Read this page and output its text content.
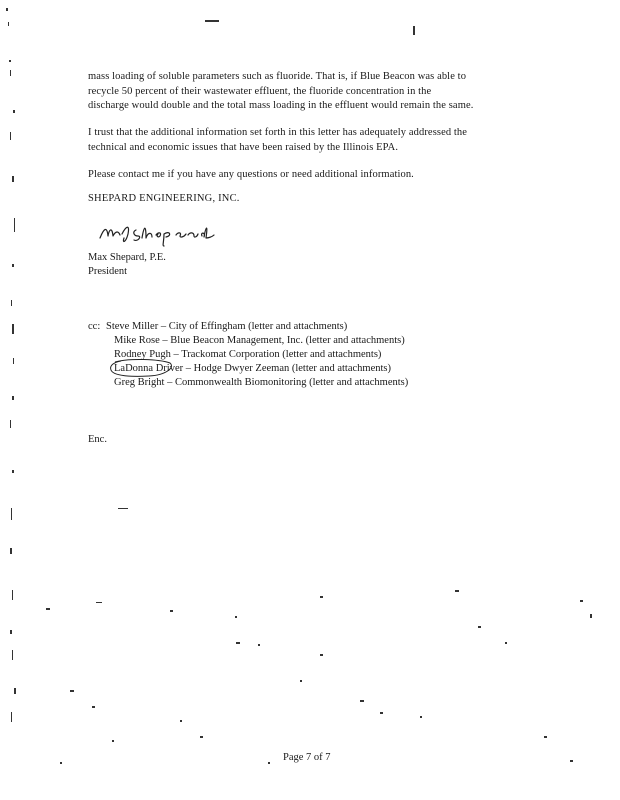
mass loading of soluble parameters such as fluoride. That is, if Blue Beacon was able to
recycle 50 percent of their wastewater effluent, the fluoride concentration in the
discharge would double and the total mass loading in the effluent would remain the same.
I trust that the additional information set forth in this letter has adequately addressed the
technical and economic issues that have been raised by the Illinois EPA.
Please contact me if you have any questions or need additional information.
SHEPARD ENGINEERING, INC.
Max Shepard, P.E.
President
cc: Steve Miller – City of Effingham (letter and attachments)
Mike Rose – Blue Beacon Management, Inc. (letter and attachments)
Rodney Pugh – Trackomat Corporation (letter and attachments)
LaDonna Driver – Hodge Dwyer Zeeman (letter and attachments)
Greg Bright – Commonwealth Biomonitoring (letter and attachments)
Enc.
Page 7 of 7
